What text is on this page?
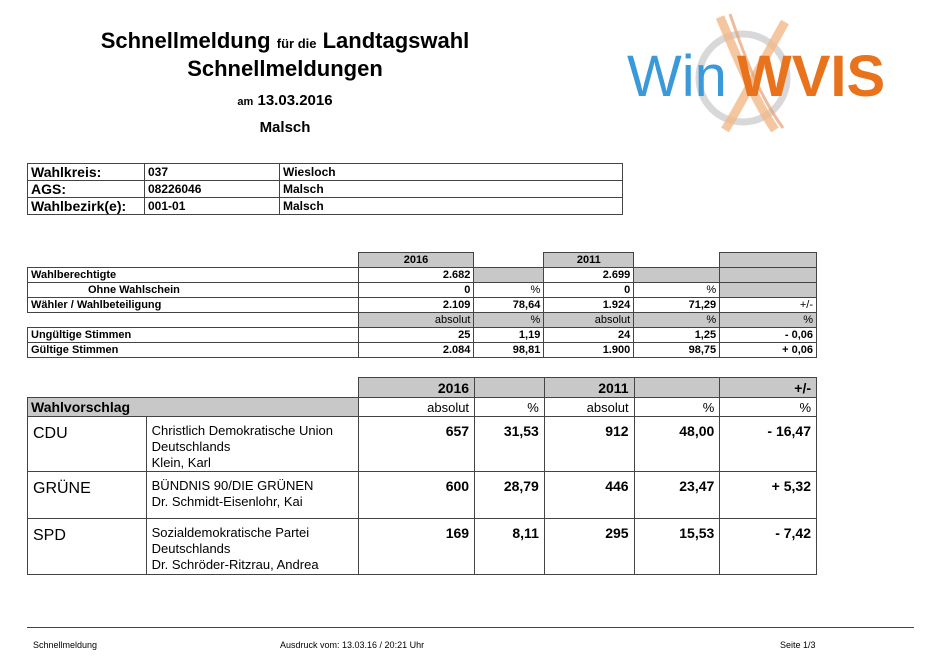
Schnellmeldung für die Landtagswahl
Schnellmeldungen
am 13.03.2016
Malsch
Win WVIS
Wahlkreis:	037	Wiesloch
AGS:	08226046	Malsch
Wahlbezirk(e):	001-01	Malsch
	2016		2011		
Wahlberechtigte	2.682		2.699		
Ohne Wahlschein	0	%	0	%	
Wähler / Wahlbeteiligung	2.109	78,64	1.924	71,29	+/-
	absolut	%	absolut	%	%
Ungültige Stimmen	25	1,19	24	1,25	- 0,06
Gültige Stimmen	2.084	98,81	1.900	98,75	+ 0,06
		2016		2011		+/-
Wahlvorschlag		absolut	%	absolut	%	%
CDU	Christlich Demokratische Union
Deutschlands
Klein, Karl	657	31,53	912	48,00	- 16,47
GRÜNE	BÜNDNIS 90/DIE GRÜNEN
Dr. Schmidt-Eisenlohr, Kai	600	28,79	446	23,47	+ 5,32
SPD	Sozialdemokratische Partei
Deutschlands
Dr. Schröder-Ritzrau, Andrea	169	8,11	295	15,53	- 7,42
Schnellmeldung	Ausdruck vom: 13.03.16 / 20:21 Uhr	Seite 1/3
